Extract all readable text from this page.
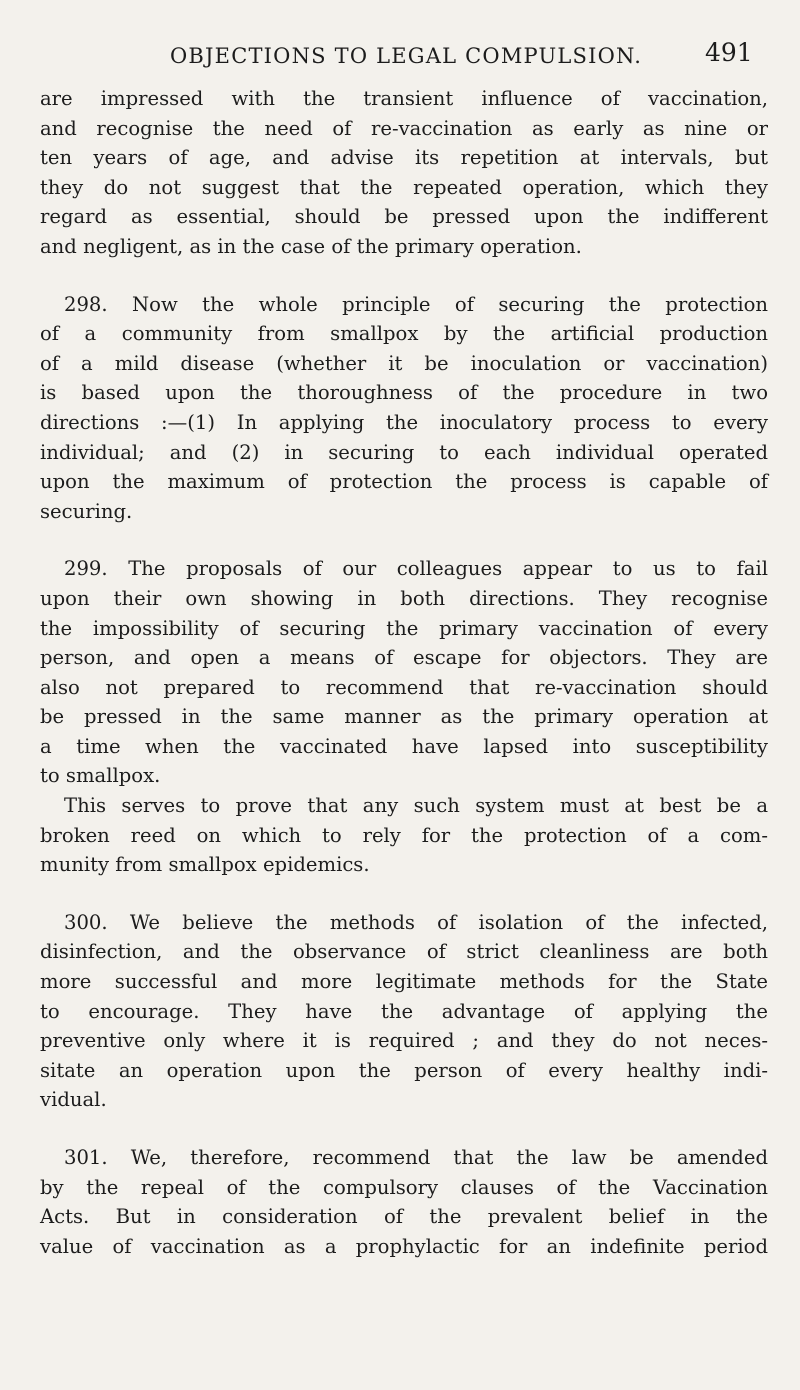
OBJECTIONS TO LEGAL COMPULSION.	491

are impressed with the transient influence of vaccination,
and recognise the need of re-vaccination as early as nine or
ten years of age, and advise its repetition at intervals, but
they do not suggest that the repeated operation, which they
regard as essential, should be pressed upon the indifferent
and negligent, as in the case of the primary operation.

298. Now the whole principle of securing the protection
of a community from smallpox by the artificial production
of a mild disease (whether it be inoculation or vaccination)
is based upon the thoroughness of the procedure in two
directions :—(1) In applying the inoculatory process to every
individual; and (2) in securing to each individual operated
upon the maximum of protection the process is capable of
securing.

299. The proposals of our colleagues appear to us to fail
upon their own showing in both directions. They recognise
the impossibility of securing the primary vaccination of every
person, and open a means of escape for objectors. They are
also not prepared to recommend that re-vaccination should
be pressed in the same manner as the primary operation at
a time when the vaccinated have lapsed into susceptibility
to smallpox.

This serves to prove that any such system must at best be a
broken reed on which to rely for the protection of a com-
munity from smallpox epidemics.

300. We believe the methods of isolation of the infected,
disinfection, and the observance of strict cleanliness are both
more successful and more legitimate methods for the State
to encourage. They have the advantage of applying the
preventive only where it is required ; and they do not neces-
sitate an operation upon the person of every healthy indi-
vidual.

301. We, therefore, recommend that the law be amended
by the repeal of the compulsory clauses of the Vaccination
Acts. But in consideration of the prevalent belief in the
value of vaccination as a prophylactic for an indefinite period
